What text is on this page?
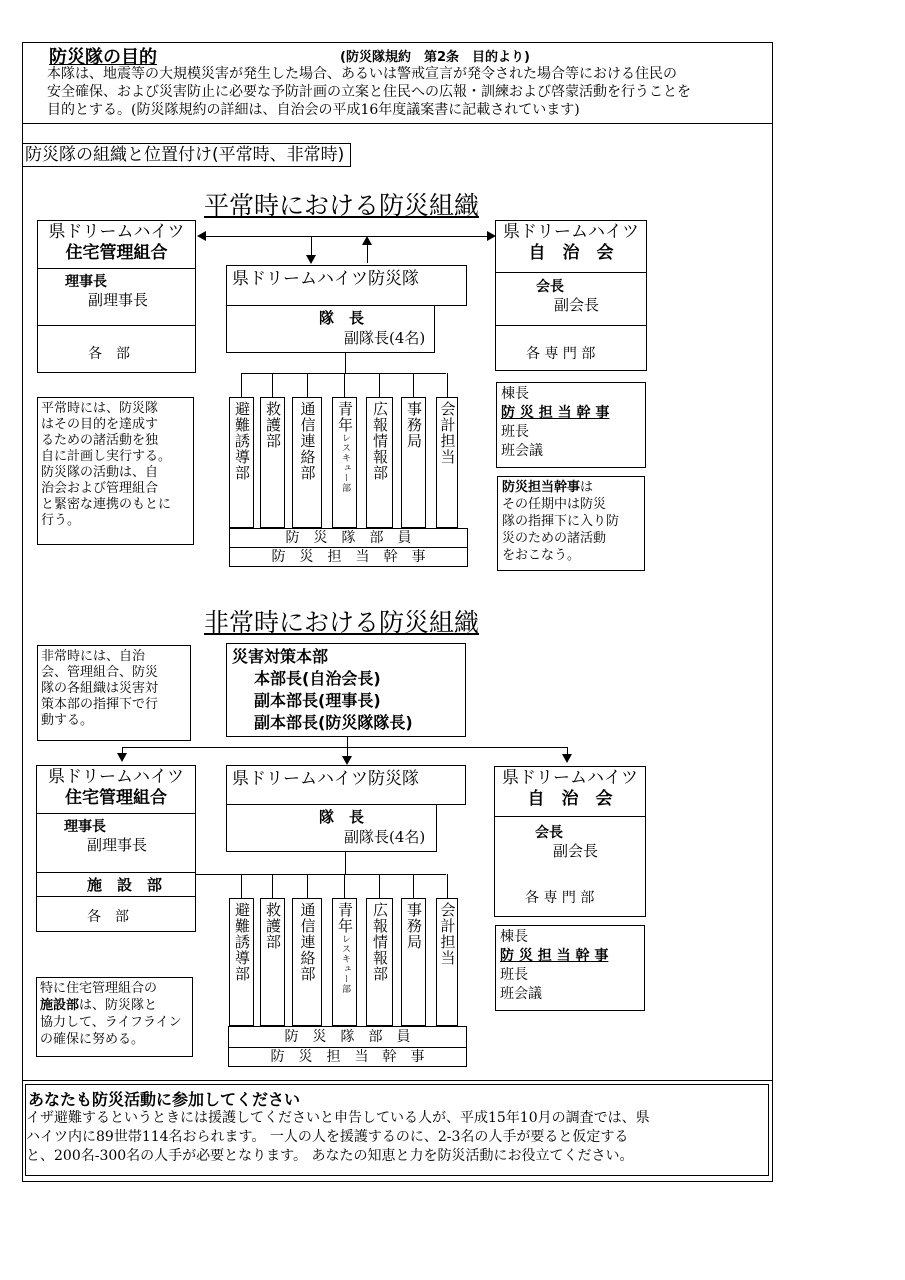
防災隊の目的	(防災隊規約　第2条　目的より)
本隊は、地震等の大規模災害が発生した場合、あるいは警戒宣言が発令された場合等における住民の
安全確保、および災害防止に必要な予防計画の立案と住民への広報・訓練および啓蒙活動を行うことを
目的とする。(防災隊規約の詳細は、自治会の平成16年度議案書に記載されています)
防災隊の組織と位置付け(平常時、非常時)
平常時における防災組織
県ドリームハイツ
住宅管理組合
理事長
副理事長
各　部
県ドリームハイツ
自　治　会
会長
副会長
各 専 門 部
県ドリームハイツ防災隊
隊　長
副隊長(4名)
避難誘導部 救護部 通信連絡部 青年レスキュー部 広報情報部 事務局 会計担当
防　災　隊　部　員
防　災　担　当　幹　事
平常時には、防災隊
はその目的を達成す
るための諸活動を独
自に計画し実行する。
防災隊の活動は、自
治会および管理組合
と緊密な連携のもとに
行う。
棟長
防 災 担 当 幹 事
班長
班会議
防災担当幹事は
その任期中は防災
隊の指揮下に入り防
災のための諸活動
をおこなう。
非常時における防災組織
非常時には、自治
会、管理組合、防災
隊の各組織は災害対
策本部の指揮下で行
動する。
災害対策本部
本部長(自治会長)
副本部長(理事長)
副本部長(防災隊隊長)
県ドリームハイツ
住宅管理組合
理事長
副理事長
施　設　部
各　部
県ドリームハイツ
自　治　会
会長
副会長
各 専 門 部
県ドリームハイツ防災隊
隊　長
副隊長(4名)
避難誘導部 救護部 通信連絡部 青年レスキュー部 広報情報部 事務局 会計担当
防　災　隊　部　員
防　災　担　当　幹　事
棟長
防 災 担 当 幹 事
班長
班会議
特に住宅管理組合の
施設部は、防災隊と
協力して、ライフライン
の確保に努める。
あなたも防災活動に参加してください
イザ避難するというときには援護してくださいと申告している人が、平成15年10月の調査では、県
ハイツ内に89世帯114名おられます。 一人の人を援護するのに、2-3名の人手が要ると仮定する
と、200名-300名の人手が必要となります。 あなたの知恵と力を防災活動にお役立てください。
